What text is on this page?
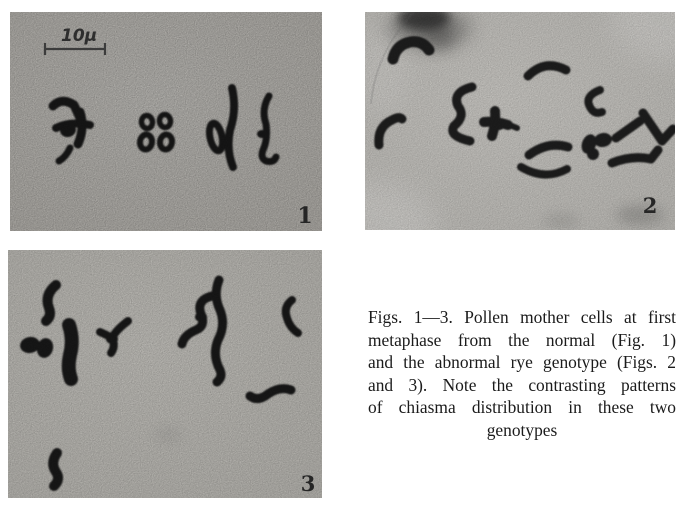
10µ
1	2
3
Figs. 1—3. Pollen mother cells at first
metaphase from the normal (Fig. 1)
and the abnormal rye genotype (Figs. 2
and 3). Note the contrasting patterns
of chiasma distribution in these two
genotypes
